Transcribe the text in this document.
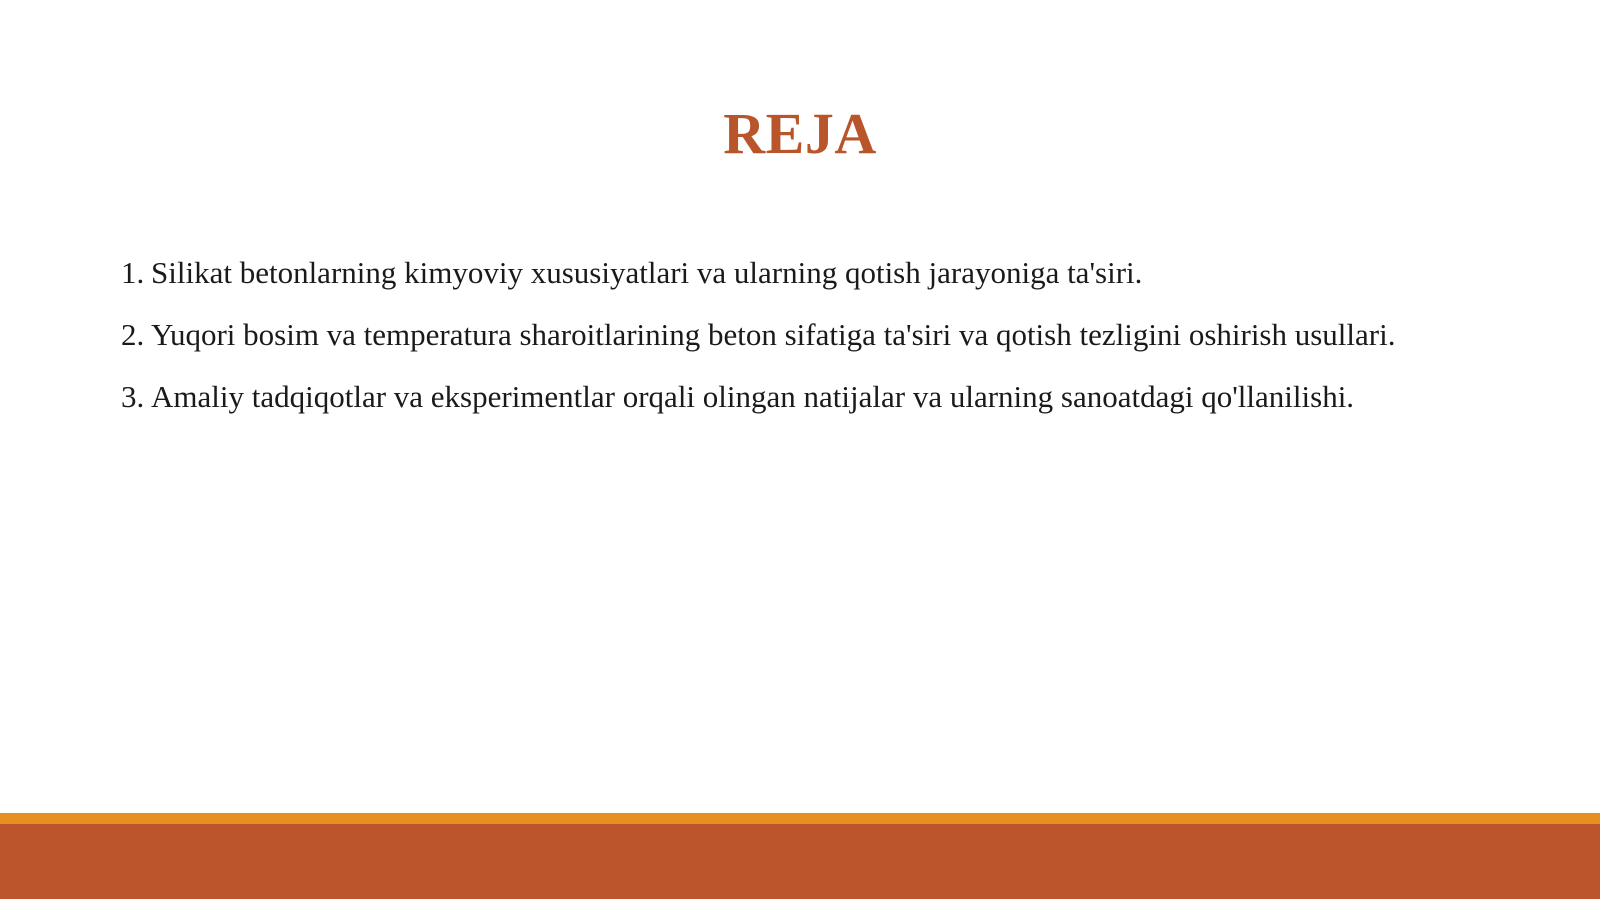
REJA
1. Silikat betonlarning kimyoviy xususiyatlari va ularning qotish jarayoniga ta'siri.
2. Yuqori bosim va temperatura sharoitlarining beton sifatiga ta'siri va qotish tezligini oshirish usullari.
3. Amaliy tadqiqotlar va eksperimentlar orqali olingan natijalar va ularning sanoatdagi qo'llanilishi.
